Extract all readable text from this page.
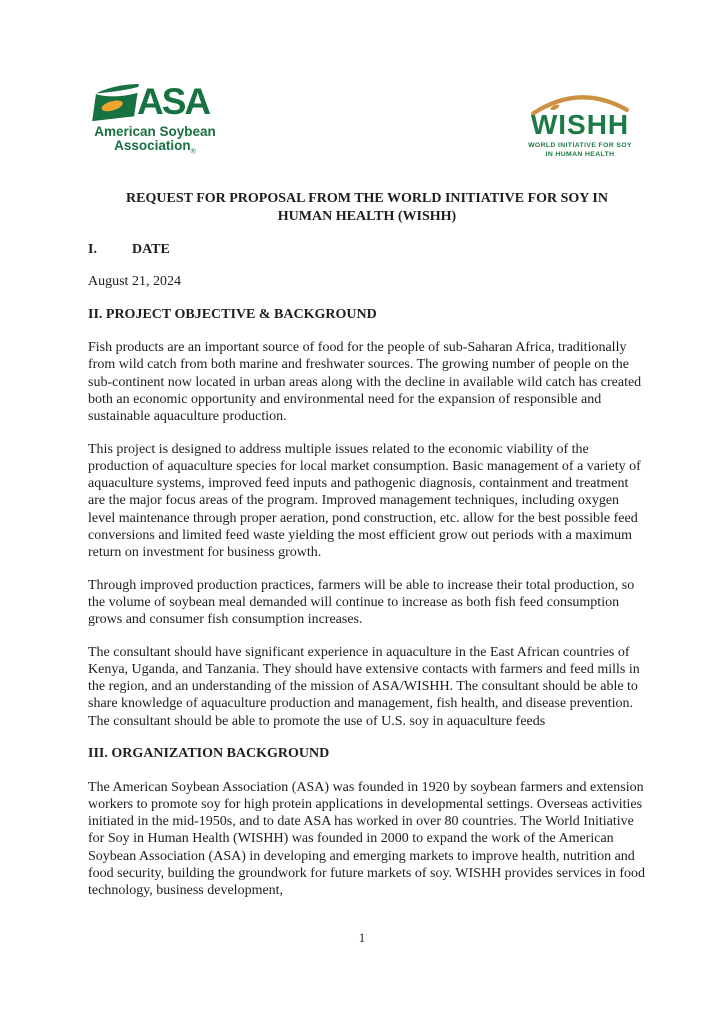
ASA
American Soybean
Association$_®$
WISHH
WORLD INITIATIVE FOR SOY
IN HUMAN HEALTH
REQUEST FOR PROPOSAL FROM THE WORLD INITIATIVE FOR SOY IN
HUMAN HEALTH (WISHH)
I.	DATE

August 21, 2024

II. PROJECT OBJECTIVE & BACKGROUND

Fish products are an important source of food for the people of sub-Saharan Africa, traditionally from wild catch from both marine and freshwater sources. The growing number of people on the sub-continent now located in urban areas along with the decline in available wild catch has created both an economic opportunity and environmental need for the expansion of responsible and sustainable aquaculture production.

This project is designed to address multiple issues related to the economic viability of the production of aquaculture species for local market consumption. Basic management of a variety of aquaculture systems, improved feed inputs and pathogenic diagnosis, containment and treatment are the major focus areas of the program. Improved management techniques, including oxygen level maintenance through proper aeration, pond construction, etc. allow for the best possible feed conversions and limited feed waste yielding the most efficient grow out periods with a maximum return on investment for business growth.

Through improved production practices, farmers will be able to increase their total production, so the volume of soybean meal demanded will continue to increase as both fish feed consumption grows and consumer fish consumption increases.

The consultant should have significant experience in aquaculture in the East African countries of Kenya, Uganda, and Tanzania. They should have extensive contacts with farmers and feed mills in the region, and an understanding of the mission of ASA/WISHH. The consultant should be able to share knowledge of aquaculture production and management, fish health, and disease prevention. The consultant should be able to promote the use of U.S. soy in aquaculture feeds

III. ORGANIZATION BACKGROUND

The American Soybean Association (ASA) was founded in 1920 by soybean farmers and extension workers to promote soy for high protein applications in developmental settings. Overseas activities initiated in the mid-1950s, and to date ASA has worked in over 80 countries. The World Initiative for Soy in Human Health (WISHH) was founded in 2000 to expand the work of the American Soybean Association (ASA) in developing and emerging markets to improve health, nutrition and food security, building the groundwork for future markets of soy. WISHH provides services in food technology, business development,

1
